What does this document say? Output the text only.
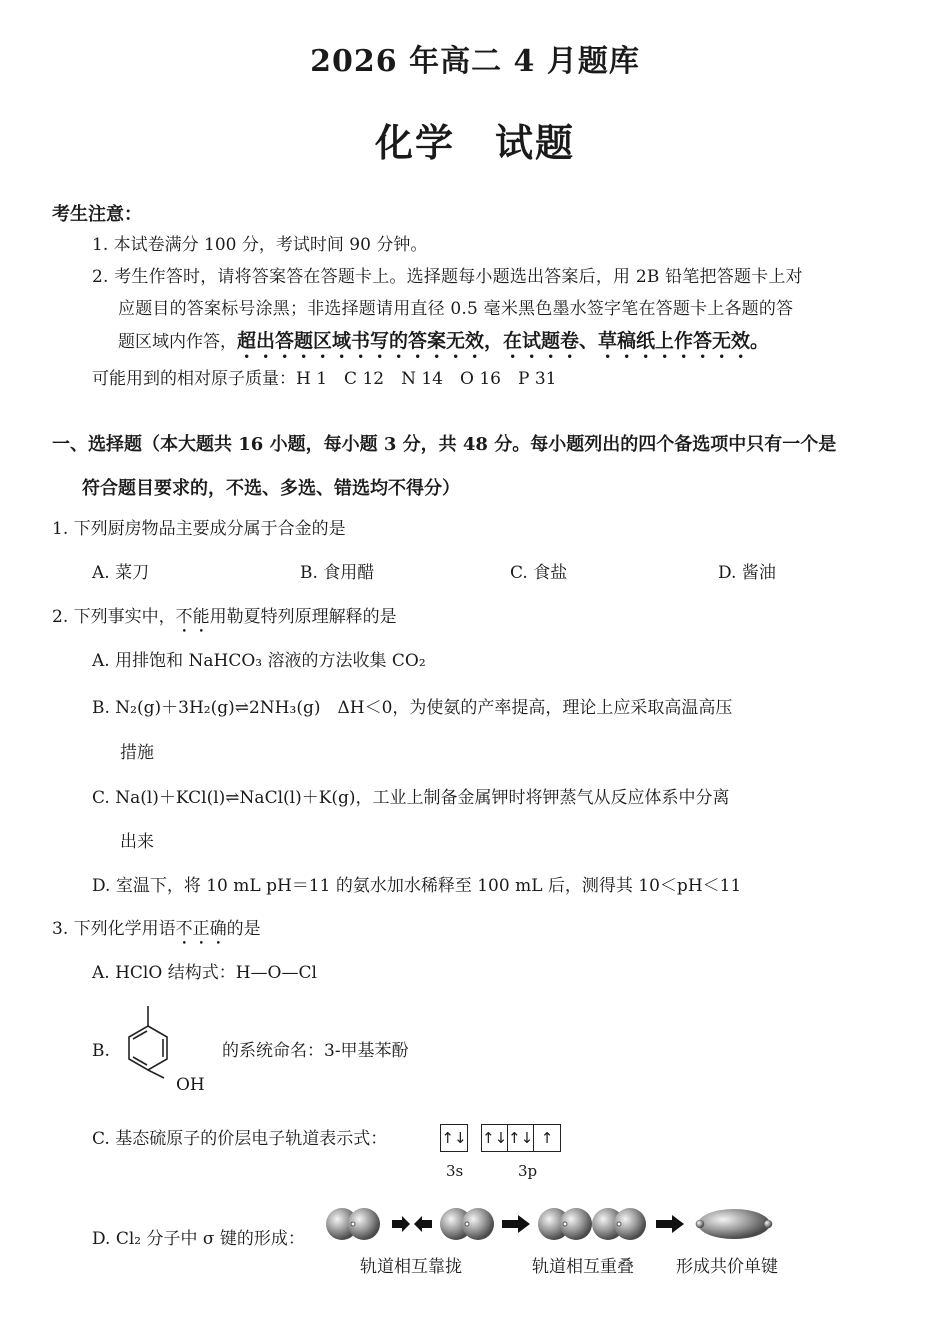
2026 年高二 4 月题库
化学　试题
考生注意：
1. 本试卷满分 100 分，考试时间 90 分钟。
2. 考生作答时，请将答案答在答题卡上。选择题每小题选出答案后，用 2B 铅笔把答题卡上对
应题目的答案标号涂黑；非选择题请用直径 0.5 毫米黑色墨水签字笔在答题卡上各题的答
题区域内作答，超出答题区域书写的答案无效，在试题卷、草稿纸上作答无效。
可能用到的相对原子质量：H 1　C 12　N 14　O 16　P 31
一、选择题（本大题共 16 小题，每小题 3 分，共 48 分。每小题列出的四个备选项中只有一个是
符合题目要求的，不选、多选、错选均不得分）
1. 下列厨房物品主要成分属于合金的是
A. 菜刀	B. 食用醋	C. 食盐	D. 酱油
2. 下列事实中，不能用勒夏特列原理解释的是
A. 用排饱和 NaHCO₃ 溶液的方法收集 CO₂
B. N₂(g)＋3H₂(g)⇌2NH₃(g)　ΔH＜0，为使氨的产率提高，理论上应采取高温高压
措施
C. Na(l)＋KCl(l)⇌NaCl(l)＋K(g)，工业上制备金属钾时将钾蒸气从反应体系中分离
出来
D. 室温下，将 10 mL pH＝11 的氨水加水稀释至 100 mL 后，测得其 10＜pH＜11
3. 下列化学用语不正确的是
A. HClO 结构式：H—O—Cl
B.
OH
的系统命名：3-甲基苯酚
C. 基态硫原子的价层电子轨道表示式：	↑↓ ↑↓↑↓ ↑
3s	3p
D. Cl₂ 分子中 σ 键的形成：
轨道相互靠拢	轨道相互重叠 形成共价单键
